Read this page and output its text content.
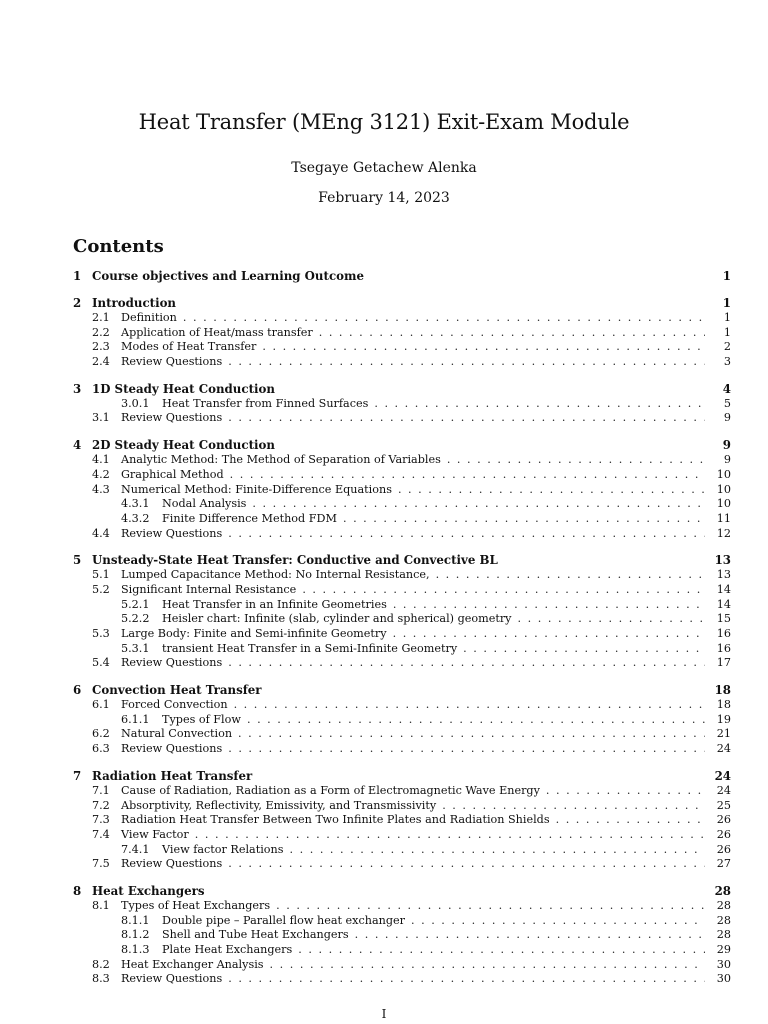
Heat Transfer (MEng 3121) Exit-Exam Module
Tsegaye Getachew Alenka
February 14, 2023
Contents
1 Course objectives and Learning Outcome	1
2 Introduction	1
2.1	Definition . . .	1
2.2	Application of Heat/mass transfer . . .	1
2.3	Modes of Heat Transfer . . .	2
2.4	Review Questions . . .	3
3 1D Steady Heat Conduction	4
3.0.1	Heat Transfer from Finned Surfaces . . .	5
3.1	Review Questions . . .	9
4 2D Steady Heat Conduction	9
4.1	Analytic Method: The Method of Separation of Variables . . .	9
4.2	Graphical Method . . .	10
4.3	Numerical Method: Finite-Difference Equations . . .	10
4.3.1	Nodal Analysis . . .	10
4.3.2	Finite Difference Method FDM . . .	11
4.4	Review Questions . . .	12
5 Unsteady-State Heat Transfer: Conductive and Convective BL	13
5.1	Lumped Capacitance Method: No Internal Resistance, . . .	13
5.2	Significant Internal Resistance . . .	14
5.2.1	Heat Transfer in an Infinite Geometries . . .	14
5.2.2	Heisler chart: Infinite (slab, cylinder and spherical) geometry . . .	15
5.3	Large Body: Finite and Semi-infinite Geometry . . .	16
5.3.1	transient Heat Transfer in a Semi-Infinite Geometry . . .	16
5.4	Review Questions . . .	17
6 Convection Heat Transfer	18
6.1	Forced Convection . . .	18
6.1.1	Types of Flow . . .	19
6.2	Natural Convection . . .	21
6.3	Review Questions . . .	24
7 Radiation Heat Transfer	24
7.1	Cause of Radiation, Radiation as a Form of Electromagnetic Wave Energy . . .	24
7.2	Absorptivity, Reflectivity, Emissivity, and Transmissivity . . .	25
7.3	Radiation Heat Transfer Between Two Infinite Plates and Radiation Shields . . .	26
7.4	View Factor . . .	26
7.4.1	View factor Relations . . .	26
7.5	Review Questions . . .	27
8 Heat Exchangers	28
8.1	Types of Heat Exchangers . . .	28
8.1.1	Double pipe – Parallel flow heat exchanger . . .	28
8.1.2	Shell and Tube Heat Exchangers . . .	28
8.1.3	Plate Heat Exchangers . . .	29
8.2	Heat Exchanger Analysis . . .	30
8.3	Review Questions . . .	30
I
